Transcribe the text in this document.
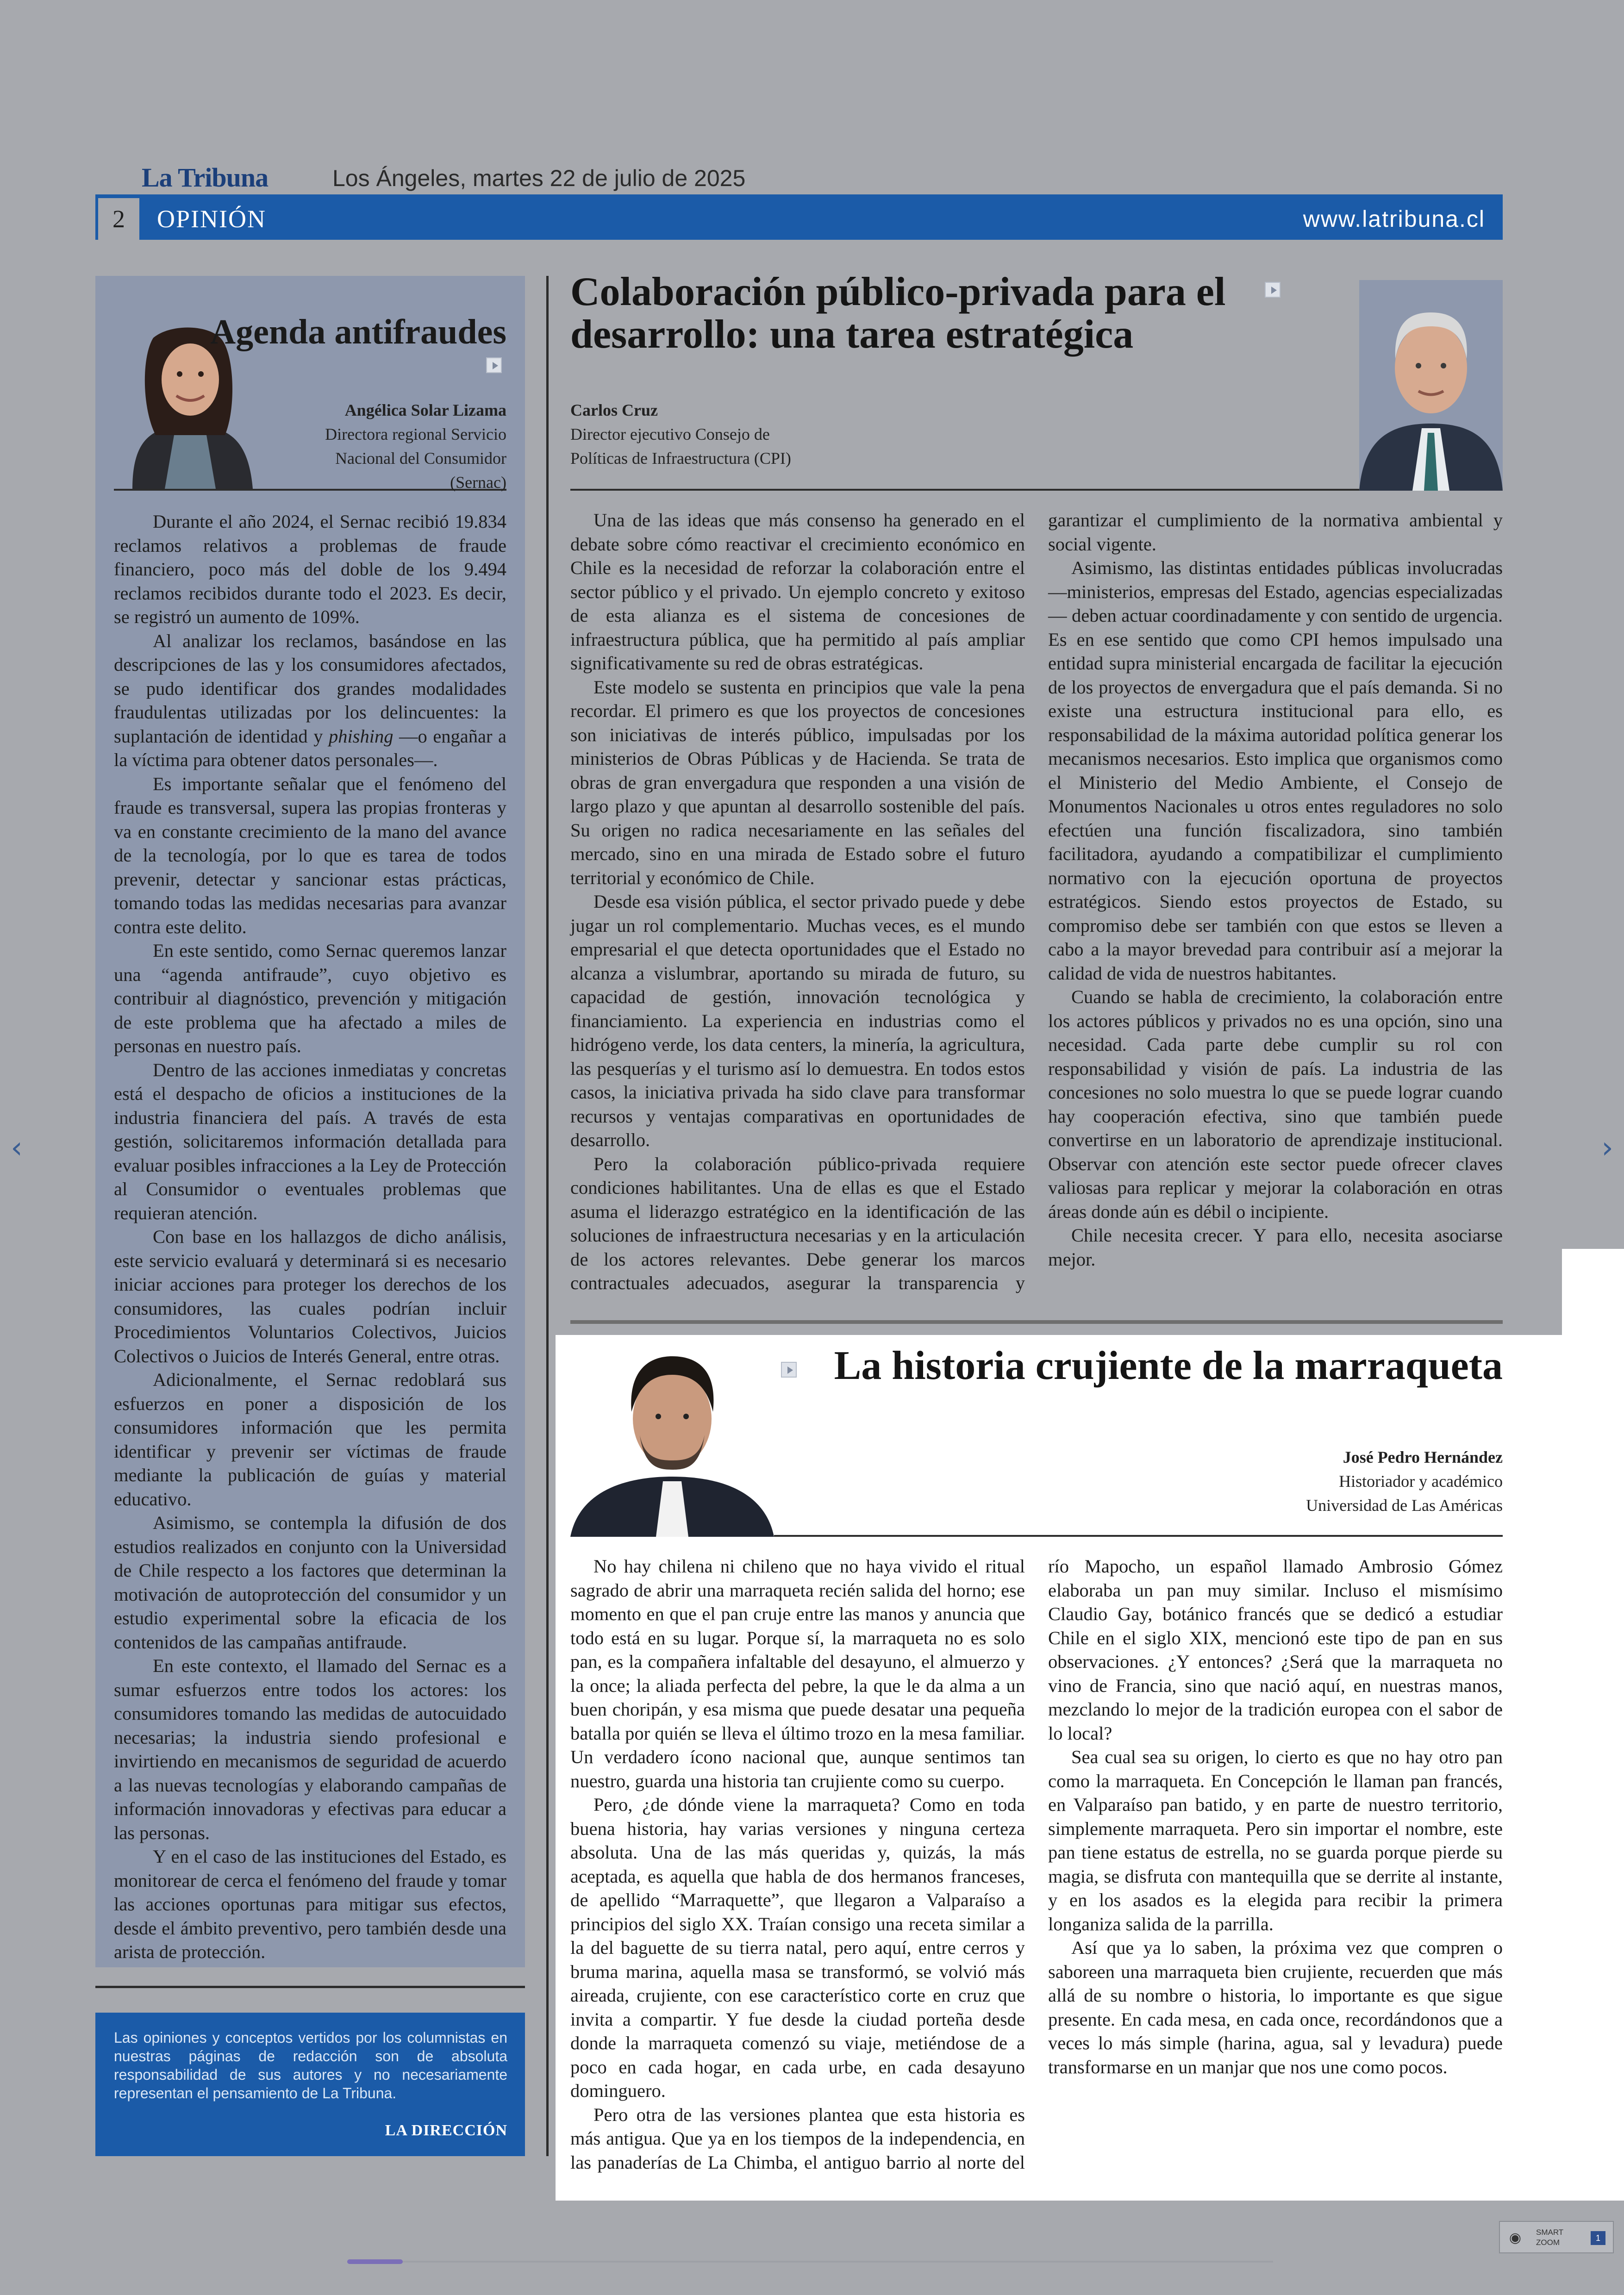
‹	›
La Tribuna	Los Ángeles, martes 22 de julio de 2025
2	OPINIÓN	www.latribuna.cl
Agenda antifraudes
Angélica Solar Lizama
Directora regional Servicio
Nacional del Consumidor
(Sernac)

Durante el año 2024, el Sernac recibió 19.834 reclamos relativos a problemas de fraude financiero, poco más del doble de los 9.494 reclamos recibidos durante todo el 2023. Es decir, se registró un aumento de 109%.

Al analizar los reclamos, basándose en las descripciones de las y los consumidores afectados, se pudo identificar dos grandes modalidades fraudulentas utilizadas por los delincuentes: la suplantación de identidad y phishing —o engañar a la víctima para obtener datos personales—.

Es importante señalar que el fenómeno del fraude es transversal, supera las propias fronteras y va en constante crecimiento de la mano del avance de la tecnología, por lo que es tarea de todos prevenir, detectar y sancionar estas prácticas, tomando todas las medidas necesarias para avanzar contra este delito.

En este sentido, como Sernac queremos lanzar una “agenda antifraude”, cuyo objetivo es contribuir al diagnóstico, prevención y mitigación de este problema que ha afectado a miles de personas en nuestro país.

Dentro de las acciones inmediatas y concretas está el despacho de oficios a instituciones de la industria financiera del país. A través de esta gestión, solicitaremos información detallada para evaluar posibles infracciones a la Ley de Protección al Consumidor o eventuales problemas que requieran atención.

Con base en los hallazgos de dicho análisis, este servicio evaluará y determinará si es necesario iniciar acciones para proteger los derechos de los consumidores, las cuales podrían incluir Procedimientos Voluntarios Colectivos, Juicios Colectivos o Juicios de Interés General, entre otras.

Adicionalmente, el Sernac redoblará sus esfuerzos en poner a disposición de los consumidores información que les permita identificar y prevenir ser víctimas de fraude mediante la publicación de guías y material educativo.

Asimismo, se contempla la difusión de dos estudios realizados en conjunto con la Universidad de Chile respecto a los factores que determinan la motivación de autoprotección del consumidor y un estudio experimental sobre la eficacia de los contenidos de las campañas antifraude.

En este contexto, el llamado del Sernac es a sumar esfuerzos entre todos los actores: los consumidores tomando las medidas de autocuidado necesarias; la industria siendo profesional e invirtiendo en mecanismos de seguridad de acuerdo a las nuevas tecnologías y elaborando campañas de información innovadoras y efectivas para educar a las personas.

Y en el caso de las instituciones del Estado, es monitorear de cerca el fenómeno del fraude y tomar las acciones oportunas para mitigar sus efectos, desde el ámbito preventivo, pero también desde una arista de protección.

Las opiniones y conceptos vertidos por los columnistas en nuestras páginas de redacción son de absoluta responsabilidad de sus autores y no necesariamente representan el pensamiento de La Tribuna.
LA DIRECCIÓN
Colaboración público-privada para el desarrollo: una tarea estratégica
Carlos Cruz
Director ejecutivo Consejo de
Políticas de Infraestructura (CPI)

Una de las ideas que más consenso ha generado en el debate sobre cómo reactivar el crecimiento económico en Chile es la necesidad de reforzar la colaboración entre el sector público y el privado. Un ejemplo concreto y exitoso de esta alianza es el sistema de concesiones de infraestructura pública, que ha permitido al país ampliar significativamente su red de obras estratégicas.

Este modelo se sustenta en principios que vale la pena recordar. El primero es que los proyectos de concesiones son iniciativas de interés público, impulsadas por los ministerios de Obras Públicas y de Hacienda. Se trata de obras de gran envergadura que responden a una visión de largo plazo y que apuntan al desarrollo sostenible del país. Su origen no radica necesariamente en las señales del mercado, sino en una mirada de Estado sobre el futuro territorial y económico de Chile.

Desde esa visión pública, el sector privado puede y debe jugar un rol complementario. Muchas veces, es el mundo empresarial el que detecta oportunidades que el Estado no alcanza a vislumbrar, aportando su mirada de futuro, su capacidad de gestión, innovación tecnológica y financiamiento. La experiencia en industrias como el hidrógeno verde, los data centers, la minería, la agricultura, las pesquerías y el turismo así lo demuestra. En todos estos casos, la iniciativa privada ha sido clave para transformar recursos y ventajas comparativas en oportunidades de desarrollo.

Pero la colaboración público-privada requiere condiciones habilitantes. Una de ellas es que el Estado asuma el liderazgo estratégico en la identificación de las soluciones de infraestructura necesarias y en la articulación de los actores relevantes. Debe generar los marcos contractuales adecuados, asegurar la transparencia y garantizar el cumplimiento de la normativa ambiental y social vigente.

Asimismo, las distintas entidades públicas involucradas —ministerios, empresas del Estado, agencias especializadas— deben actuar coordinadamente y con sentido de urgencia. Es en ese sentido que como CPI hemos impulsado una entidad supra ministerial encargada de facilitar la ejecución de los proyectos de envergadura que el país demanda. Si no existe una estructura institucional para ello, es responsabilidad de la máxima autoridad política generar los mecanismos necesarios. Esto implica que organismos como el Ministerio del Medio Ambiente, el Consejo de Monumentos Nacionales u otros entes reguladores no solo efectúen una función fiscalizadora, sino también facilitadora, ayudando a compatibilizar el cumplimiento normativo con la ejecución oportuna de proyectos estratégicos. Siendo estos proyectos de Estado, su compromiso debe ser también con que estos se lleven a cabo a la mayor brevedad para contribuir así a mejorar la calidad de vida de nuestros habitantes.

Cuando se habla de crecimiento, la colaboración entre los actores públicos y privados no es una opción, sino una necesidad. Cada parte debe cumplir su rol con responsabilidad y visión de país. La industria de las concesiones no solo muestra lo que se puede lograr cuando hay cooperación efectiva, sino que también puede convertirse en un laboratorio de aprendizaje institucional. Observar con atención este sector puede ofrecer claves valiosas para replicar y mejorar la colaboración en otras áreas donde aún es débil o incipiente.

Chile necesita crecer. Y para ello, necesita asociarse mejor.

La historia crujiente de la marraqueta
José Pedro Hernández
Historiador y académico
Universidad de Las Américas

No hay chilena ni chileno que no haya vivido el ritual sagrado de abrir una marraqueta recién salida del horno; ese momento en que el pan cruje entre las manos y anuncia que todo está en su lugar. Porque sí, la marraqueta no es solo pan, es la compañera infaltable del desayuno, el almuerzo y la once; la aliada perfecta del pebre, la que le da alma a un buen choripán, y esa misma que puede desatar una pequeña batalla por quién se lleva el último trozo en la mesa familiar. Un verdadero ícono nacional que, aunque sentimos tan nuestro, guarda una historia tan crujiente como su cuerpo.

Pero, ¿de dónde viene la marraqueta? Como en toda buena historia, hay varias versiones y ninguna certeza absoluta. Una de las más queridas y, quizás, la más aceptada, es aquella que habla de dos hermanos franceses, de apellido “Marraquette”, que llegaron a Valparaíso a principios del siglo XX. Traían consigo una receta similar a la del baguette de su tierra natal, pero aquí, entre cerros y bruma marina, aquella masa se transformó, se volvió más aireada, crujiente, con ese característico corte en cruz que invita a compartir. Y fue desde la ciudad porteña desde donde la marraqueta comenzó su viaje, metiéndose de a poco en cada hogar, en cada urbe, en cada desayuno dominguero.

Pero otra de las versiones plantea que esta historia es más antigua. Que ya en los tiempos de la independencia, en las panaderías de La Chimba, el antiguo barrio al norte del río Mapocho, un español llamado Ambrosio Gómez elaboraba un pan muy similar. Incluso el mismísimo Claudio Gay, botánico francés que se dedicó a estudiar Chile en el siglo XIX, mencionó este tipo de pan en sus observaciones. ¿Y entonces? ¿Será que la marraqueta no vino de Francia, sino que nació aquí, en nuestras manos, mezclando lo mejor de la tradición europea con el sabor de lo local?

Sea cual sea su origen, lo cierto es que no hay otro pan como la marraqueta. En Concepción le llaman pan francés, en Valparaíso pan batido, y en parte de nuestro territorio, simplemente marraqueta. Pero sin importar el nombre, este pan tiene estatus de estrella, no se guarda porque pierde su magia, se disfruta con mantequilla que se derrite al instante, y en los asados es la elegida para recibir la primera longaniza salida de la parrilla.

Así que ya lo saben, la próxima vez que compren o saboreen una marraqueta bien crujiente, recuerden que más allá de su nombre o historia, lo importante es que sigue presente. En cada mesa, en cada once, recordándonos que a veces lo más simple (harina, agua, sal y levadura) puede transformarse en un manjar que nos une como pocos.

◉ SMART ZOOM	1
